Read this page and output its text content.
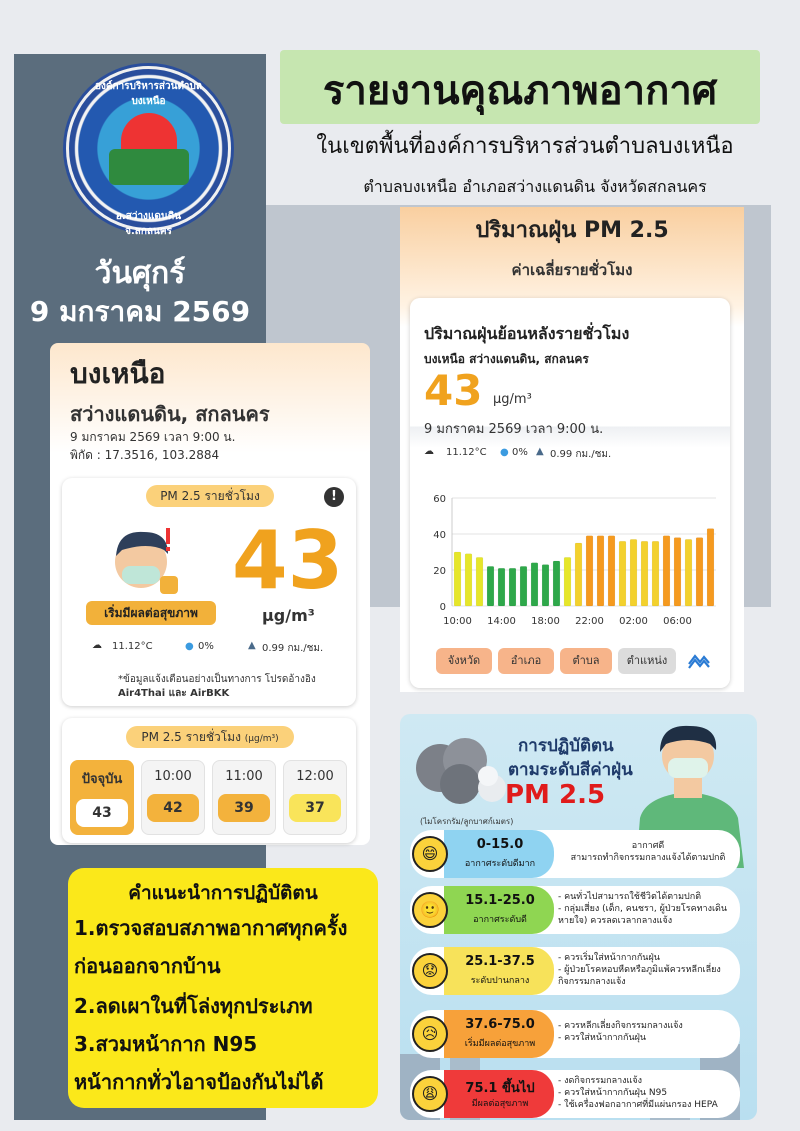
องค์การบริหารส่วนตำบลบงเหนือ
อ.สว่างแดนดิน จ.สกลนคร
วันศุกร์
9 มกราคม 2569
รายงานคุณภาพอากาศ
ในเขตพื้นที่องค์การบริหารส่วนตำบลบงเหนือ
ตำบลบงเหนือ อำเภอสว่างแดนดิน จังหวัดสกลนคร
บงเหนือ
สว่างแดนดิน, สกลนคร
9 มกราคม 2569 เวลา 9:00 น.
พิกัด : 17.3516, 103.2884
PM 2.5 รายชั่วโมง	!
43
µg/m³
เริ่มมีผลต่อสุขภาพ
☁ 11.12°C	● 0%	▲ 0.99 กม./ชม.
*ข้อมูลแจ้งเตือนอย่างเป็นทางการ โปรดอ้างอิง
Air4Thai และ AirBKK
PM 2.5 รายชั่วโมง (µg/m³)
ปัจจุบัน
43
10:00
42
11:00
39
12:00
37
คำแนะนำการปฏิบัติตน
1.ตรวจสอบสภาพอากาศทุกครั้ง
ก่อนออกจากบ้าน
2.ลดเผาในที่โล่งทุกประเภท
3.สวมหน้ากาก N95
หน้ากากทั่วไอาจป้องกันไม่ได้
ปริมาณฝุ่น PM 2.5
ค่าเฉลี่ยรายชั่วโมง
ปริมาณฝุ่นย้อนหลังรายชั่วโมง
บงเหนือ สว่างแดนดิน, สกลนคร
43 µg/m³
9 มกราคม 2569 เวลา 9:00 น.
☁ 11.12°C ● 0% ▲ 0.99 กม./ชม.
0
20
40
60
10:00 14:00 18:00 22:00 02:00 06:00
จังหวัด	อำเภอ	ตำบล	ตำแหน่ง
การปฏิบัติตน
ตามระดับสีค่าฝุ่น
PM 2.5
(ไมโครกรัม/ลูกบาศก์เมตร)
😄	0-15.0
อากาศระดับดีมาก
อากาศดี
สามารถทำกิจกรรมกลางแจ้งได้ตามปกติ
🙂	15.1-25.0
อากาศระดับดี
- คนทั่วไปสามารถใช้ชีวิตได้ตามปกติ
- กลุ่มเสี่ยง (เด็ก, คนชรา, ผู้ป่วยโรคทางเดินหายใจ) ควรลดเวลากลางแจ้ง
😟	25.1-37.5
ระดับปานกลาง
- ควรเริ่มใส่หน้ากากกันฝุ่น
- ผู้ป่วยโรคหอบหืดหรือภูมิแพ้ควรหลีกเลี่ยงกิจกรรมกลางแจ้ง
😥	37.6-75.0
เริ่มมีผลต่อสุขภาพ
- ควรหลีกเลี่ยงกิจกรรมกลางแจ้ง
- ควรใส่หน้ากากกันฝุ่น
😩	75.1 ขึ้นไป
มีผลต่อสุขภาพ
- งดกิจกรรมกลางแจ้ง
- ควรใส่หน้ากากกันฝุ่น N95
- ใช้เครื่องฟอกอากาศที่มีแผ่นกรอง HEPA
